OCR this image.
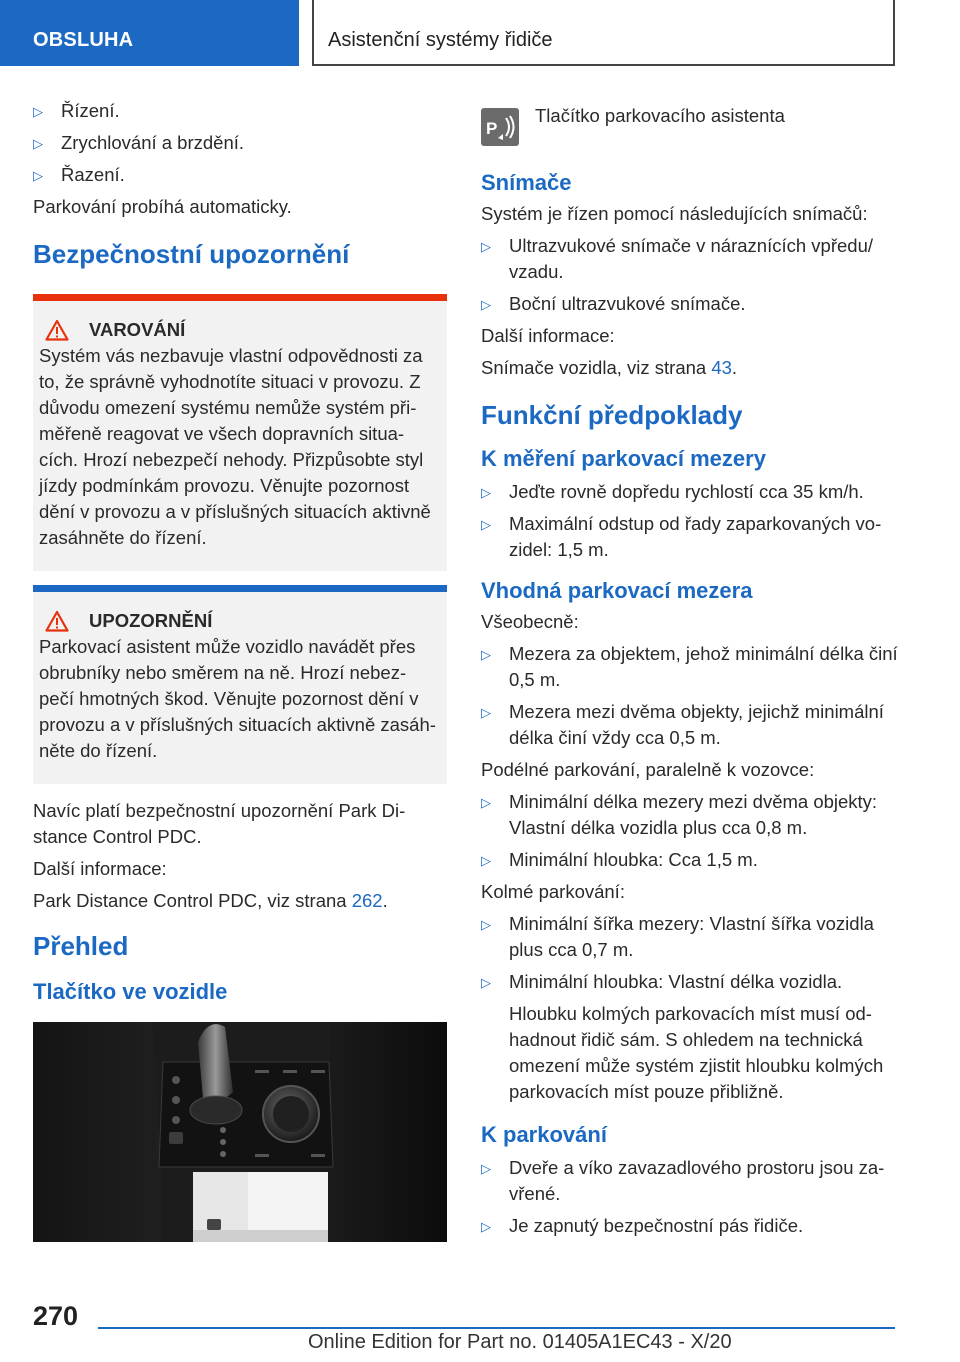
OBSLUHA	Asistenční systémy řidiče
▷ Řízení.
▷ Zrychlování a brzdění.
▷ Řazení.

Parkování probíhá automaticky.

Bezpečnostní upozornění
VAROVÁNÍ

Systém vás nezbavuje vlastní odpovědnosti za to, že správně vyhodnotíte situaci v provozu. Z důvodu omezení systému nemůže systém při- měřeně reagovat ve všech dopravních situa- cích. Hrozí nebezpečí nehody. Přizpůsobte styl jízdy podmínkám provozu. Věnujte pozornost dění v provozu a v příslušných situacích aktivně zasáhněte do řízení.

UPOZORNĚNÍ

Parkovací asistent může vozidlo navádět přes obrubníky nebo směrem na ně. Hrozí nebez- pečí hmotných škod. Věnujte pozornost dění v provozu a v příslušných situacích aktivně zasáh- něte do řízení.

Navíc platí bezpečnostní upozornění Park Di- stance Control PDC.

Další informace:

Park Distance Control PDC, viz strana 262.

Přehled
Tlačítko ve vozidle
P

Tlačítko parkovacího asistenta

Snímače

Systém je řízen pomocí následujících snímačů:

▷ Ultrazvukové snímače v náraznících vpředu/ vzadu.
▷ Boční ultrazvukové snímače.

Další informace:

Snímače vozidla, viz strana 43.

Funkční předpoklady
K měření parkovací mezery
▷ Jeďte rovně dopředu rychlostí cca 35 km/h.
▷ Maximální odstup od řady zaparkovaných vo- zidel: 1,5 m.
Vhodná parkovací mezera

Všeobecně:

▷ Mezera za objektem, jehož minimální délka činí 0,5 m.
▷ Mezera mezi dvěma objekty, jejichž minimální délka činí vždy cca 0,5 m.

Podélné parkování, paralelně k vozovce:

▷ Minimální délka mezery mezi dvěma objekty: Vlastní délka vozidla plus cca 0,8 m.
▷ Minimální hloubka: Cca 1,5 m.

Kolmé parkování:

▷ Minimální šířka mezery: Vlastní šířka vozidla plus cca 0,7 m.
▷ Minimální hloubka: Vlastní délka vozidla.

Hloubku kolmých parkovacích míst musí od- hadnout řidič sám. S ohledem na technická omezení může systém zjistit hloubku kolmých parkovacích míst pouze přibližně.

K parkování
▷ Dveře a víko zavazadlového prostoru jsou za- vřené.
▷ Je zapnutý bezpečnostní pás řidiče.
270
Online Edition for Part no. 01405A1EC43 - X/20
